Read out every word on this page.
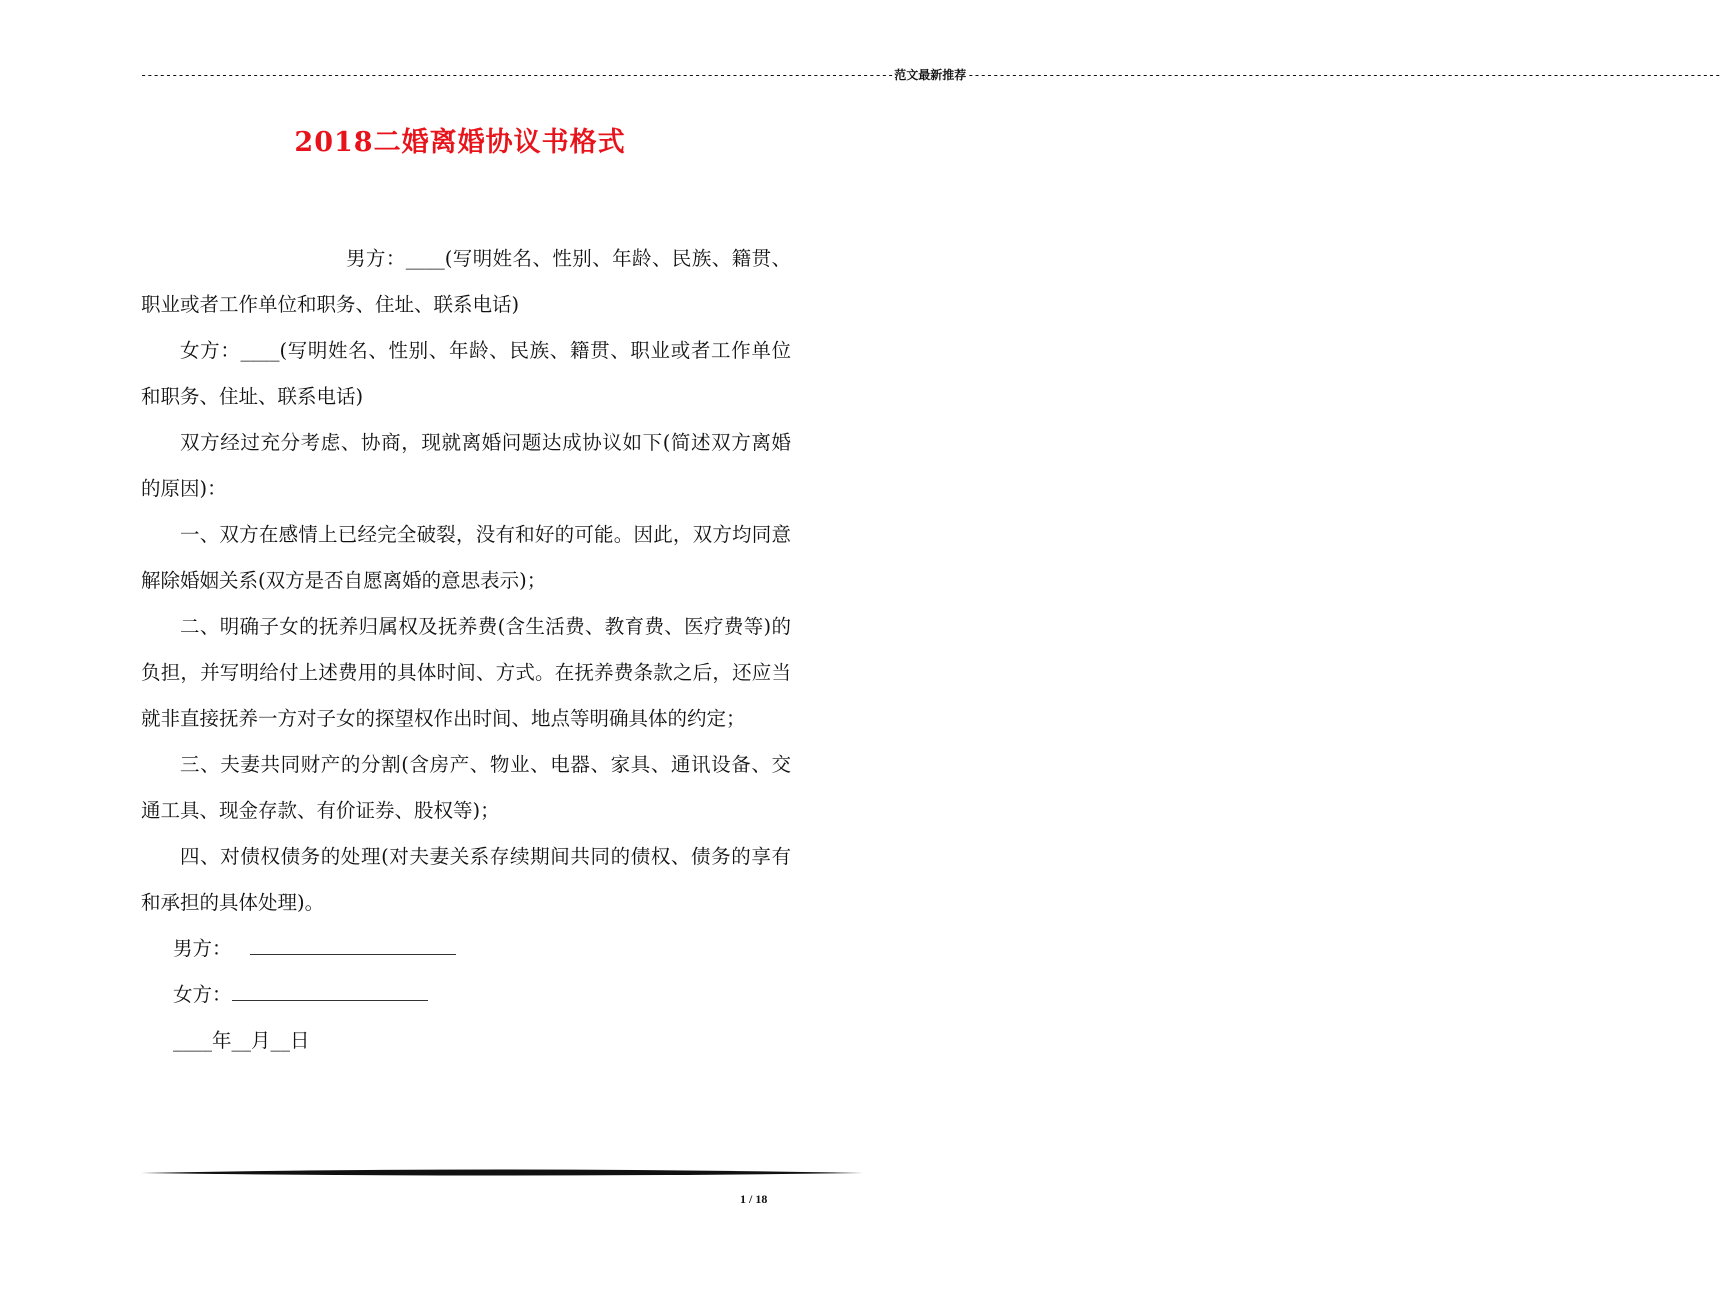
------------------------------------------------------------------------------------------------------------------------- 范文最新推荐 -------------------------------------------------------------------------------------------------------------------------
2018二婚离婚协议书格式

男方：____(写明姓名、性别、年龄、民族、籍贯、职业或者工作单位和职务、住址、联系电话)

女方：____(写明姓名、性别、年龄、民族、籍贯、职业或者工作单位和职务、住址、联系电话)

双方经过充分考虑、协商，现就离婚问题达成协议如下(简述双方离婚的原因)：

一、双方在感情上已经完全破裂，没有和好的可能。因此，双方均同意解除婚姻关系(双方是否自愿离婚的意思表示)；

二、明确子女的抚养归属权及抚养费(含生活费、教育费、医疗费等)的负担，并写明给付上述费用的具体时间、方式。在抚养费条款之后，还应当就非直接抚养一方对子女的探望权作出时间、地点等明确具体的约定；

三、夫妻共同财产的分割(含房产、物业、电器、家具、通讯设备、交通工具、现金存款、有价证券、股权等)；

四、对债权债务的处理(对夫妻关系存续期间共同的债权、债务的享有和承担的具体处理)。

男方：

女方：

____年__月__日

1 / 18
